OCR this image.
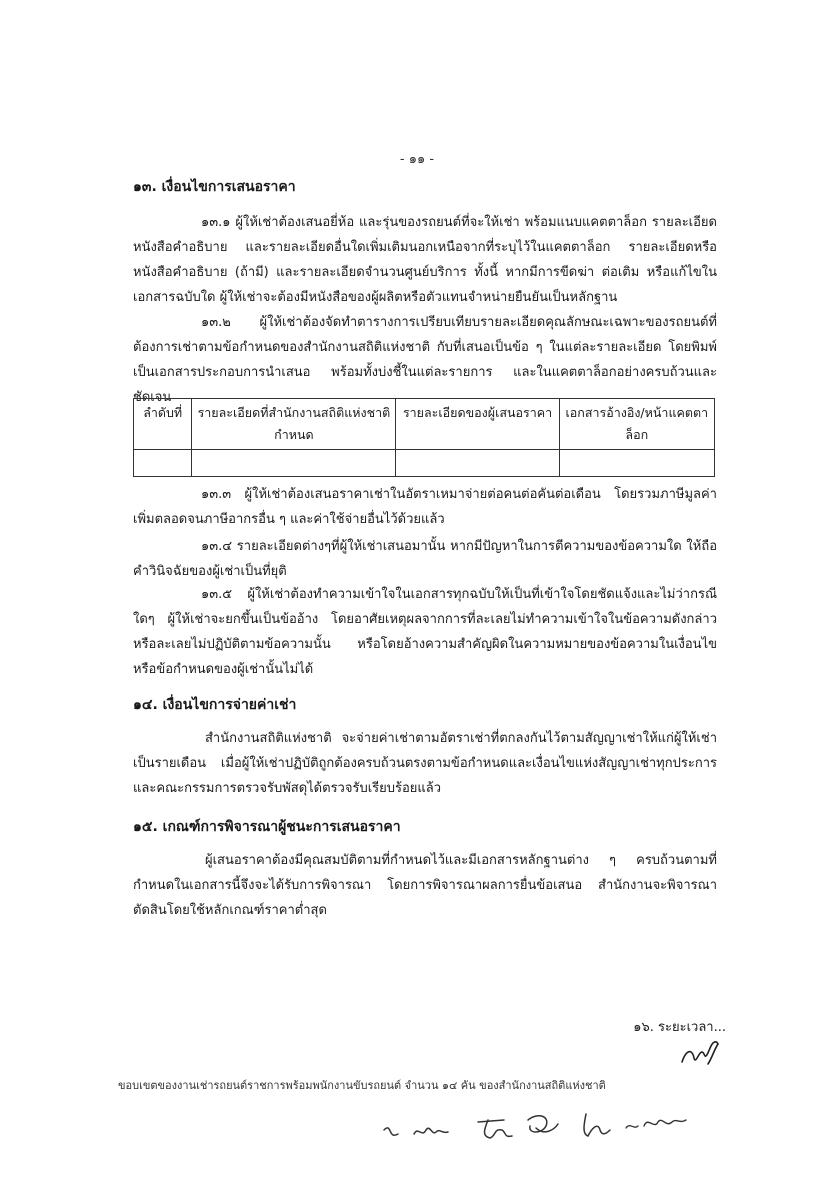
- ๑๑ -
๑๓. เงื่อนไขการเสนอราคา

๑๓.๑ ผู้ให้เช่าต้องเสนอยี่ห้อ และรุ่นของรถยนต์ที่จะให้เช่า พร้อมแนบแคตตาล็อก รายละเอียดหนังสือคำอธิบาย และรายละเอียดอื่นใดเพิ่มเติมนอกเหนือจากที่ระบุไว้ในแคตตาล็อก รายละเอียดหรือหนังสือคำอธิบาย (ถ้ามี) และรายละเอียดจำนวนศูนย์บริการ ทั้งนี้ หากมีการขีดฆ่า ต่อเติม หรือแก้ไขในเอกสารฉบับใด ผู้ให้เช่าจะต้องมีหนังสือของผู้ผลิตหรือตัวแทนจำหน่ายยืนยันเป็นหลักฐาน

๑๓.๒ ผู้ให้เช่าต้องจัดทำตารางการเปรียบเทียบรายละเอียดคุณลักษณะเฉพาะของรถยนต์ที่ต้องการเช่าตามข้อกำหนดของสำนักงานสถิติแห่งชาติ กับที่เสนอเป็นข้อ ๆ ในแต่ละรายละเอียด โดยพิมพ์เป็นเอกสารประกอบการนำเสนอ พร้อมทั้งบ่งชี้ในแต่ละรายการ และในแคตตาล็อกอย่างครบถ้วนและชัดเจน

ลำดับที่	รายละเอียดที่สำนักงานสถิติแห่งชาติกำหนด	รายละเอียดของผู้เสนอราคา	เอกสารอ้างอิง/หน้าแคตตาล็อก

๑๓.๓ ผู้ให้เช่าต้องเสนอราคาเช่าในอัตราเหมาจ่ายต่อคนต่อคันต่อเดือน โดยรวมภาษีมูลค่าเพิ่มตลอดจนภาษีอากรอื่น ๆ และค่าใช้จ่ายอื่นไว้ด้วยแล้ว

๑๓.๔ รายละเอียดต่างๆที่ผู้ให้เช่าเสนอมานั้น หากมีปัญหาในการตีความของข้อความใด ให้ถือคำวินิจฉัยของผู้เช่าเป็นที่ยุติ

๑๓.๕ ผู้ให้เช่าต้องทำความเข้าใจในเอกสารทุกฉบับให้เป็นที่เข้าใจโดยชัดแจ้งและไม่ว่ากรณีใดๆ ผู้ให้เช่าจะยกขึ้นเป็นข้ออ้าง โดยอาศัยเหตุผลจากการที่ละเลยไม่ทำความเข้าใจในข้อความดังกล่าว หรือละเลยไม่ปฏิบัติตามข้อความนั้น หรือโดยอ้างความสำคัญผิดในความหมายของข้อความในเงื่อนไขหรือข้อกำหนดของผู้เช่านั้นไม่ได้

๑๔. เงื่อนไขการจ่ายค่าเช่า

สำนักงานสถิติแห่งชาติ จะจ่ายค่าเช่าตามอัตราเช่าที่ตกลงกันไว้ตามสัญญาเช่าให้แก่ผู้ให้เช่าเป็นรายเดือน เมื่อผู้ให้เช่าปฏิบัติถูกต้องครบถ้วนตรงตามข้อกำหนดและเงื่อนไขแห่งสัญญาเช่าทุกประการและคณะกรรมการตรวจรับพัสดุได้ตรวจรับเรียบร้อยแล้ว

๑๕. เกณฑ์การพิจารณาผู้ชนะการเสนอราคา

ผู้เสนอราคาต้องมีคุณสมบัติตามที่กำหนดไว้และมีเอกสารหลักฐานต่าง ๆ ครบถ้วนตามที่กำหนดในเอกสารนี้จึงจะได้รับการพิจารณา โดยการพิจารณาผลการยื่นข้อเสนอ สำนักงานจะพิจารณาตัดสินโดยใช้หลักเกณฑ์ราคาต่ำสุด

๑๖. ระยะเวลา...
ขอบเขตของงานเช่ารถยนต์ราชการพร้อมพนักงานขับรถยนต์ จำนวน ๑๔ คัน ของสำนักงานสถิติแห่งชาติ
